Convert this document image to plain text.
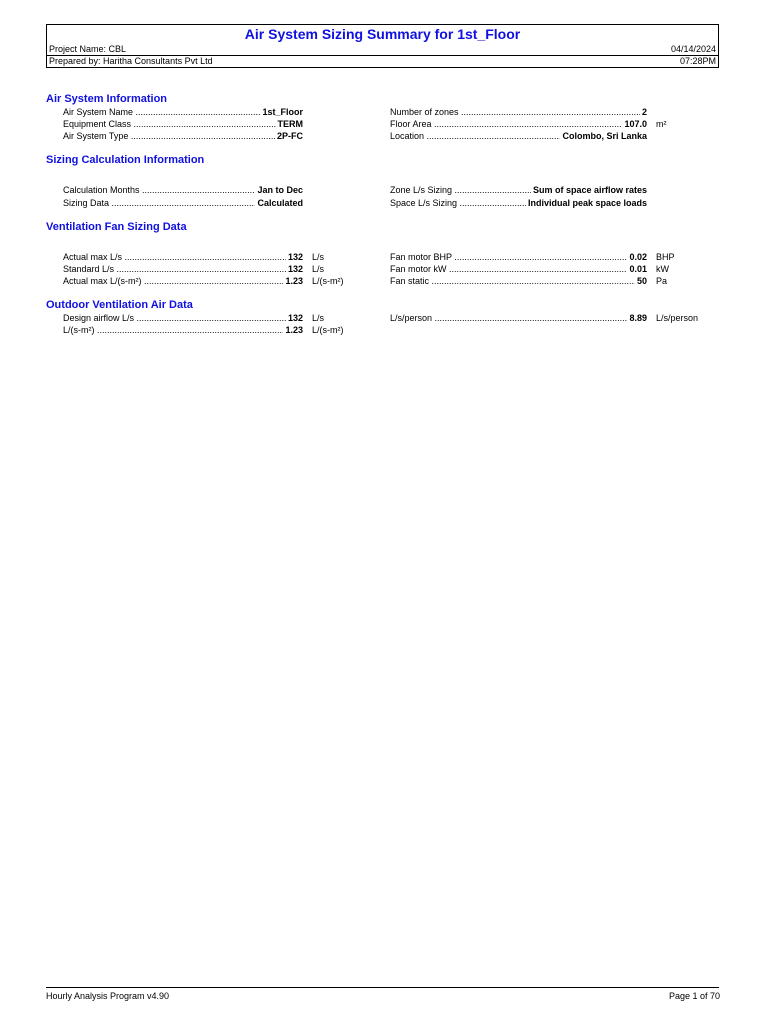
Air System Sizing Summary for 1st_Floor
Project Name: CBL	04/14/2024
Prepared by: Haritha Consultants Pvt Ltd	07:28PM
Air System Information
Air System Name .....	1st_Floor
Equipment Class .....	TERM
Air System Type .....	2P-FC
Number of zones .....	2
Floor Area .....	107.0 m²
Location .....	Colombo, Sri Lanka
Sizing Calculation Information
Calculation Months .....	Jan to Dec
Sizing Data .....	Calculated
Zone L/s Sizing .....	Sum of space airflow rates
Space L/s Sizing .....	Individual peak space loads
Ventilation Fan Sizing Data
Actual max L/s .....	132 L/s
Standard L/s .....	132 L/s
Actual max L/(s-m²) .....	1.23 L/(s-m²)
Fan motor BHP .....	0.02 BHP
Fan motor kW .....	0.01 kW
Fan static .....	50 Pa
Outdoor Ventilation Air Data
Design airflow L/s .....	132 L/s
L/(s-m²) .....	1.23 L/(s-m²)
L/s/person .....	8.89 L/s/person
Hourly Analysis Program v4.90	Page 1 of 70
